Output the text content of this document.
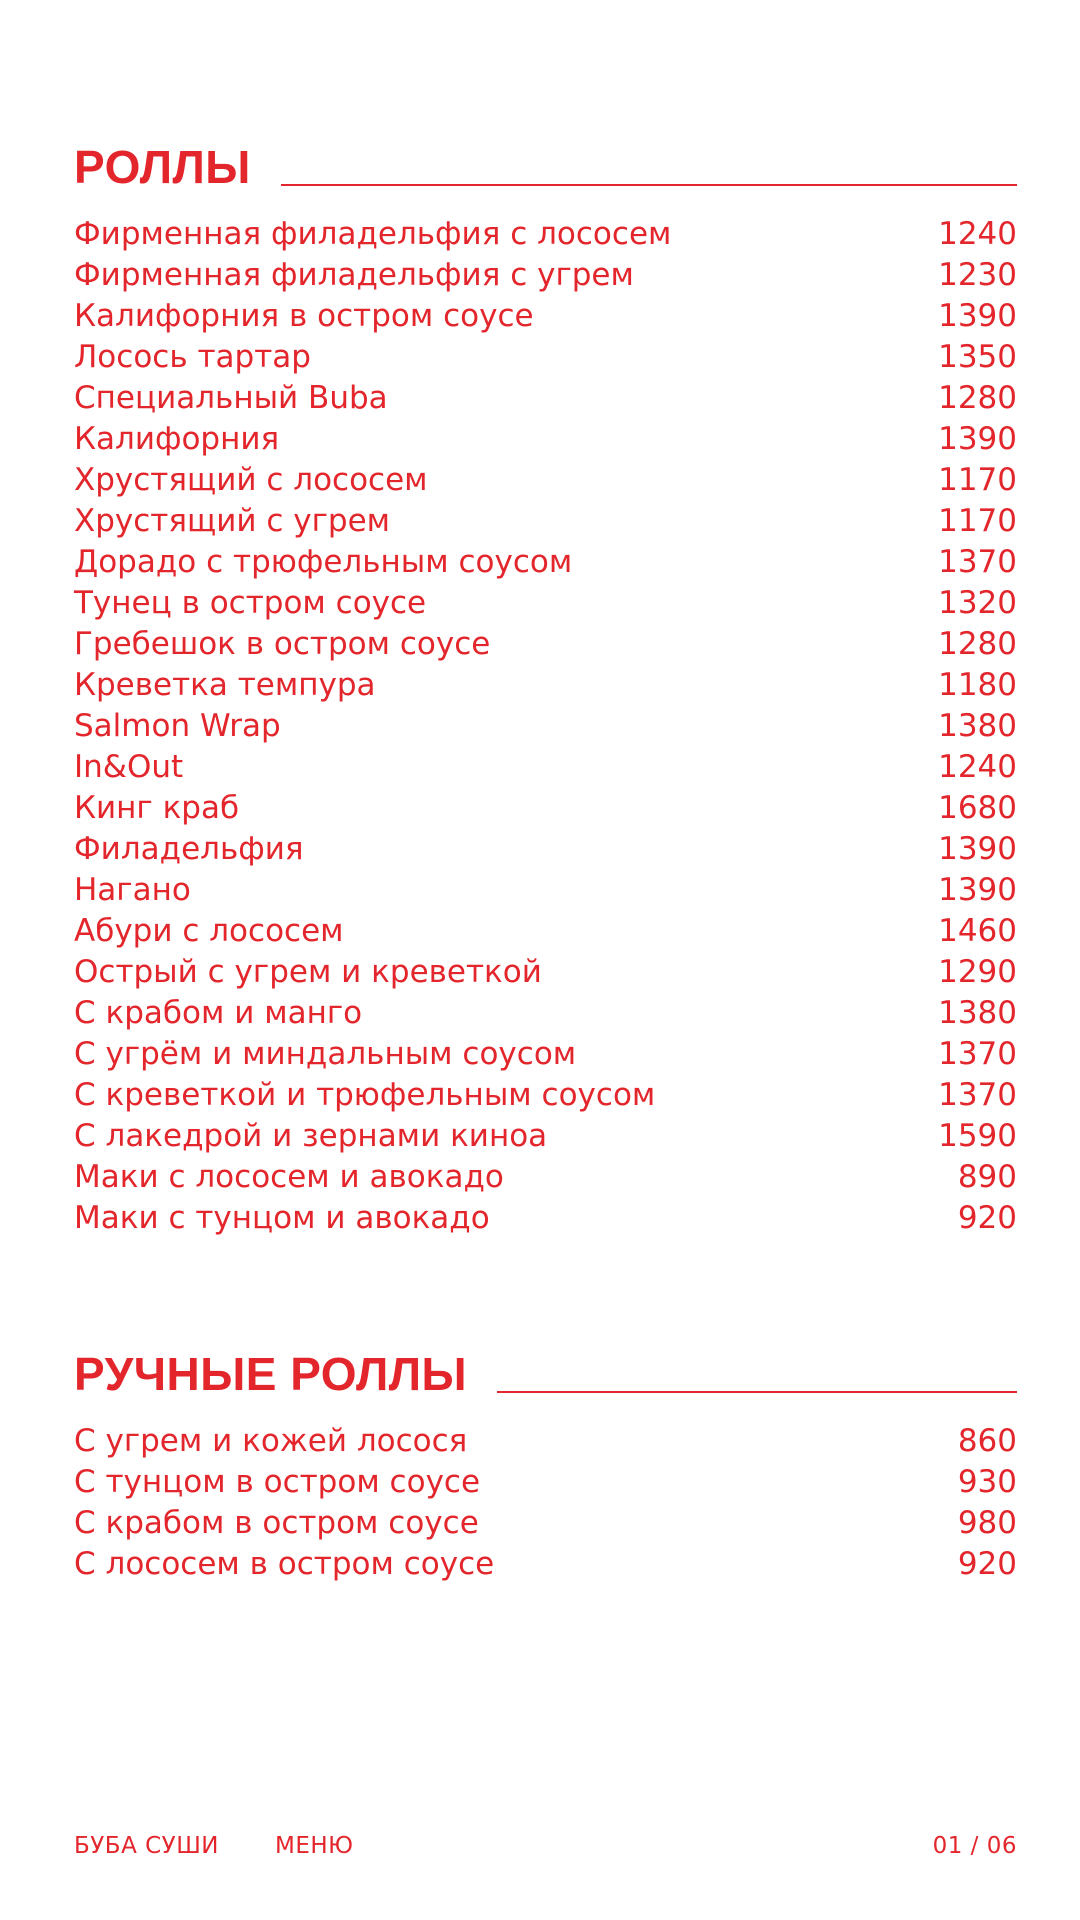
РОЛЛЫ
Фирменная филадельфия с лососем	1240
Фирменная филадельфия с угрем	1230
Калифорния в остром соусе	1390
Лосось тартар	1350
Специальный Buba	1280
Калифорния	1390
Хрустящий с лососем	1170
Хрустящий с угрем	1170
Дорадо с трюфельным соусом	1370
Тунец в остром соусе	1320
Гребешок в остром соусе	1280
Креветка темпура	1180
Salmon Wrap	1380
In&Out	1240
Кинг краб	1680
Филадельфия	1390
Нагано	1390
Абури с лососем	1460
Острый с угрем и креветкой	1290
С крабом и манго	1380
С угрём и миндальным соусом	1370
С креветкой и трюфельным соусом	1370
С лакедрой и зернами киноа	1590
Маки с лососем и авокадо	890
Маки с тунцом и авокадо	920
РУЧНЫЕ РОЛЛЫ
С угрем и кожей лосося	860
С тунцом в остром соусе	930
С крабом в остром соусе	980
С лососем в остром соусе	920
БУБА СУШИ МЕНЮ	01 / 06
